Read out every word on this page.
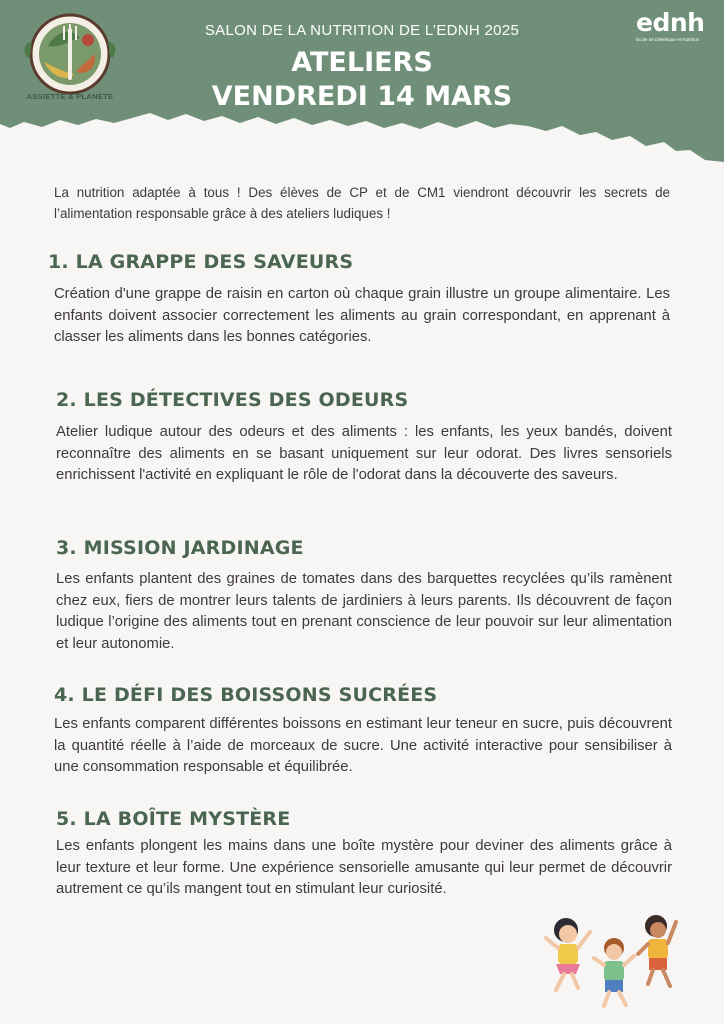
ASSIETTE & PLANÈTE
SALON DE LA NUTRITION DE L’EDNH 2025
ATELIERS
VENDREDI 14 MARS
ednh
École de Diététique et Nutrition

La nutrition adaptée à tous ! Des élèves de CP et de CM1 viendront découvrir les secrets de l’alimentation responsable grâce à des ateliers ludiques !

1. LA GRAPPE DES SAVEURS

Création d'une grappe de raisin en carton où chaque grain illustre un groupe alimentaire. Les enfants doivent associer correctement les aliments au grain correspondant, en apprenant à classer les aliments dans les bonnes catégories.

2. LES DÉTECTIVES DES ODEURS

Atelier ludique autour des odeurs et des aliments : les enfants, les yeux bandés, doivent reconnaître des aliments en se basant uniquement sur leur odorat. Des livres sensoriels enrichissent l'activité en expliquant le rôle de l'odorat dans la découverte des saveurs.

3. MISSION JARDINAGE

Les enfants plantent des graines de tomates dans des barquettes recyclées qu’ils ramènent chez eux, fiers de montrer leurs talents de jardiniers à leurs parents. Ils découvrent de façon ludique l’origine des aliments tout en prenant conscience de leur pouvoir sur leur alimentation et leur autonomie.

4. LE DÉFI DES BOISSONS SUCRÉES

Les enfants comparent différentes boissons en estimant leur teneur en sucre, puis découvrent la quantité réelle à l’aide de morceaux de sucre. Une activité interactive pour sensibiliser à une consommation responsable et équilibrée.

5. LA BOÎTE MYSTÈRE

Les enfants plongent les mains dans une boîte mystère pour deviner des aliments grâce à leur texture et leur forme. Une expérience sensorielle amusante qui leur permet de découvrir autrement ce qu’ils mangent tout en stimulant leur curiosité.
